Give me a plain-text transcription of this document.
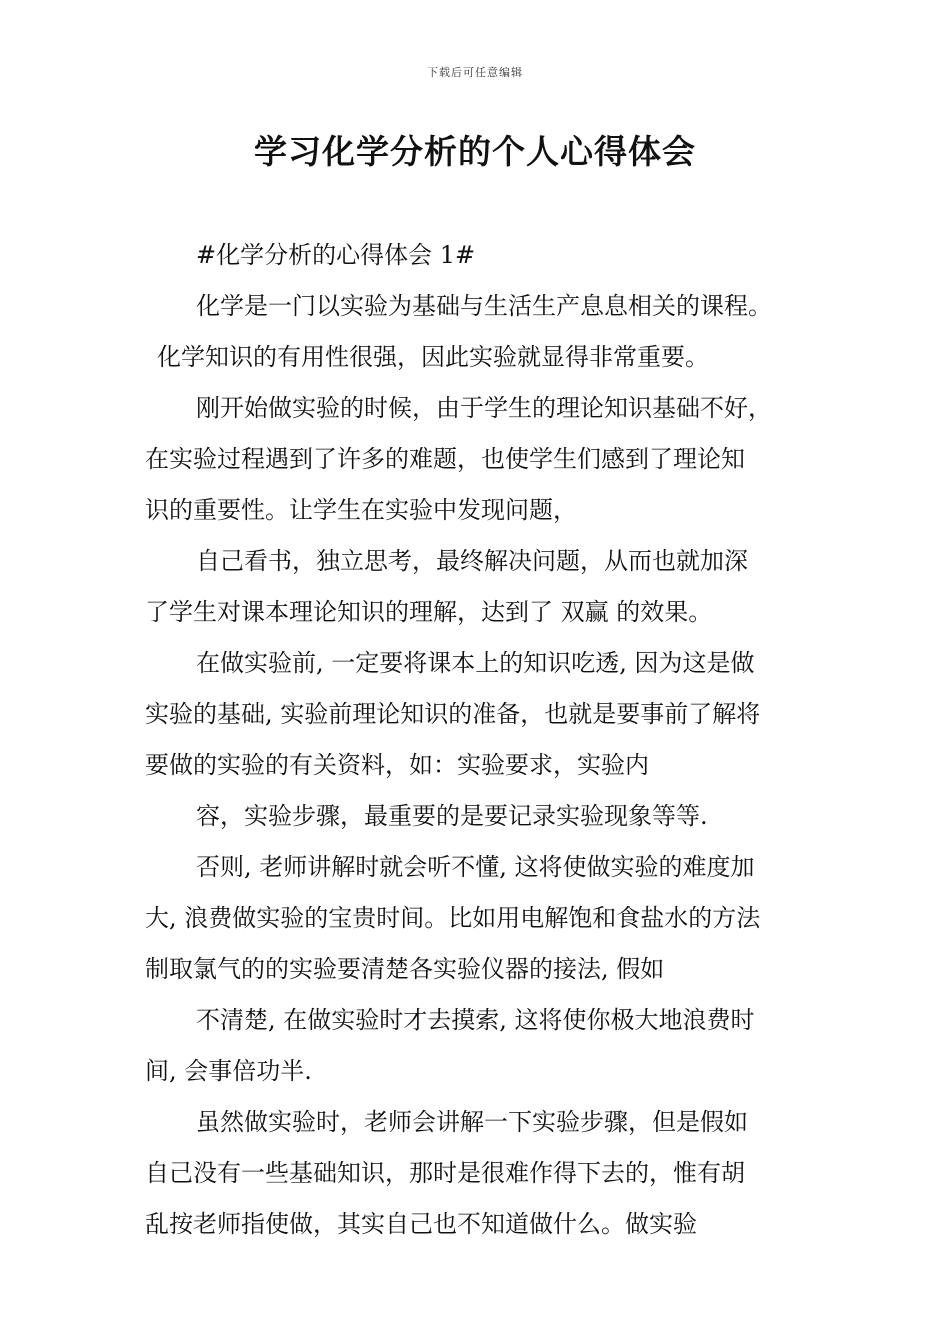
下载后可任意编辑
学习化学分析的个人心得体会

#化学分析的心得体会 1#

化学是一门以实验为基础与生活生产息息相关的课程。
化学知识的有用性很强，因此实验就显得非常重要。

刚开始做实验的时候，由于学生的理论知识基础不好，
在实验过程遇到了许多的难题，也使学生们感到了理论知
识的重要性。让学生在实验中发现问题，

自己看书，独立思考，最终解决问题，从而也就加深
了学生对课本理论知识的理解，达到了 双赢 的效果。

在做实验前, 一定要将课本上的知识吃透, 因为这是做
实验的基础, 实验前理论知识的准备，也就是要事前了解将
要做的实验的有关资料，如：实验要求，实验内

容，实验步骤，最重要的是要记录实验现象等等.

否则, 老师讲解时就会听不懂, 这将使做实验的难度加
大, 浪费做实验的宝贵时间。比如用电解饱和食盐水的方法
制取氯气的的实验要清楚各实验仪器的接法, 假如

不清楚, 在做实验时才去摸索, 这将使你极大地浪费时
间, 会事倍功半.

虽然做实验时，老师会讲解一下实验步骤，但是假如
自己没有一些基础知识，那时是很难作得下去的，惟有胡
乱按老师指使做，其实自己也不知道做什么。做实验
